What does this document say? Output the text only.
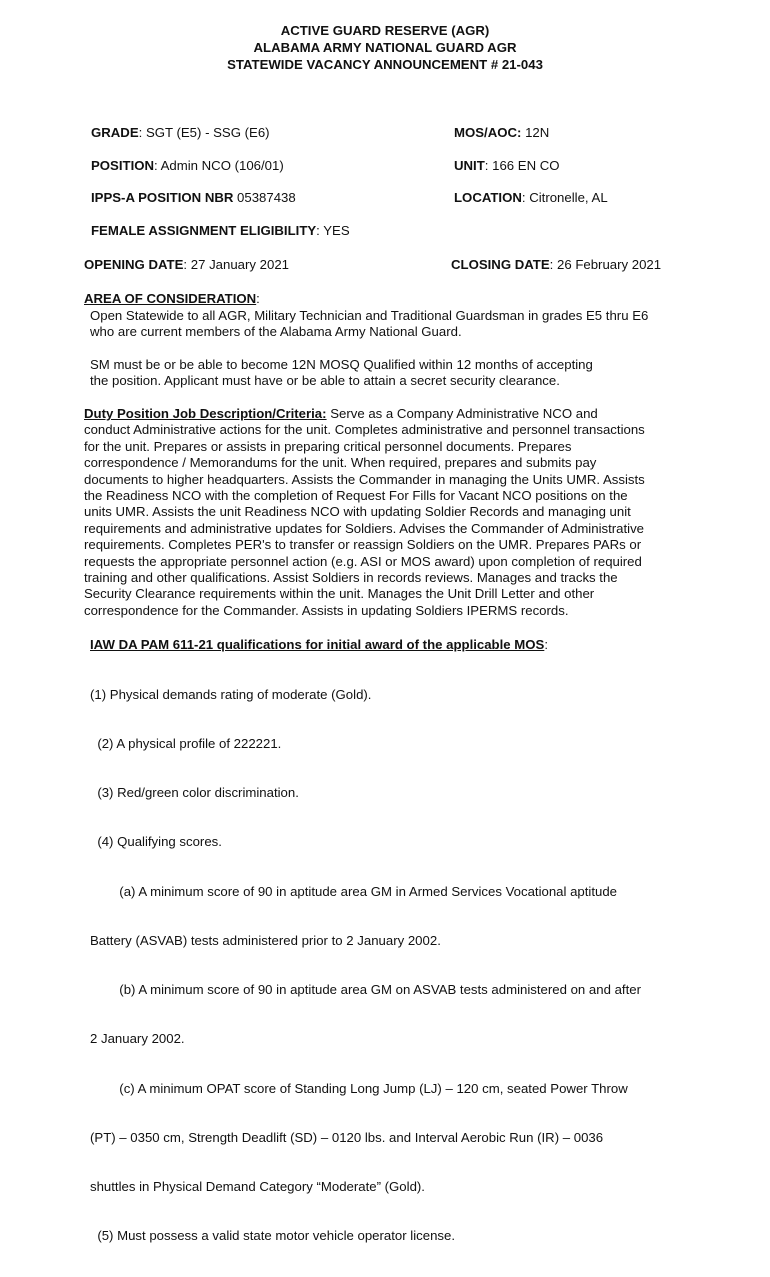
ACTIVE GUARD RESERVE (AGR)
ALABAMA ARMY NATIONAL GUARD AGR
STATEWIDE VACANCY ANNOUNCEMENT # 21-043
GRADE: SGT (E5) - SSG (E6)	MOS/AOC: 12N
POSITION: Admin NCO (106/01)	UNIT: 166 EN CO
IPPS-A POSITION NBR 05387438	LOCATION: Citronelle, AL
FEMALE ASSIGNMENT ELIGIBILITY: YES
OPENING DATE: 27 January 2021	CLOSING DATE: 26 February 2021
AREA OF CONSIDERATION:
Open Statewide to all AGR, Military Technician and Traditional Guardsman in grades E5 thru E6
who are current members of the Alabama Army National Guard.
SM must be or be able to become 12N MOSQ Qualified within 12 months of accepting
the position. Applicant must have or be able to attain a secret security clearance.
Duty Position Job Description/Criteria: Serve as a Company Administrative NCO and
conduct Administrative actions for the unit. Completes administrative and personnel transactions
for the unit. Prepares or assists in preparing critical personnel documents. Prepares
correspondence / Memorandums for the unit. When required, prepares and submits pay
documents to higher headquarters. Assists the Commander in managing the Units UMR. Assists
the Readiness NCO with the completion of Request For Fills for Vacant NCO positions on the
units UMR. Assists the unit Readiness NCO with updating Soldier Records and managing unit
requirements and administrative updates for Soldiers. Advises the Commander of Administrative
requirements. Completes PER's to transfer or reassign Soldiers on the UMR. Prepares PARs or
requests the appropriate personnel action (e.g. ASI or MOS award) upon completion of required
training and other qualifications. Assist Soldiers in records reviews. Manages and tracks the
Security Clearance requirements within the unit. Manages the Unit Drill Letter and other
correspondence for the Commander. Assists in updating Soldiers IPERMS records.
IAW DA PAM 611-21 qualifications for initial award of the applicable MOS:

(1) Physical demands rating of moderate (Gold).

(2) A physical profile of 222221.

(3) Red/green color discrimination.

(4) Qualifying scores.

(a) A minimum score of 90 in aptitude area GM in Armed Services Vocational aptitude

Battery (ASVAB) tests administered prior to 2 January 2002.

(b) A minimum score of 90 in aptitude area GM on ASVAB tests administered on and after

2 January 2002.

(c) A minimum OPAT score of Standing Long Jump (LJ) – 120 cm, seated Power Throw

(PT) – 0350 cm, Strength Deadlift (SD) – 0120 lbs. and Interval Aerobic Run (IR) – 0036

shuttles in Physical Demand Category “Moderate” (Gold).

(5) Must possess a valid state motor vehicle operator license.
